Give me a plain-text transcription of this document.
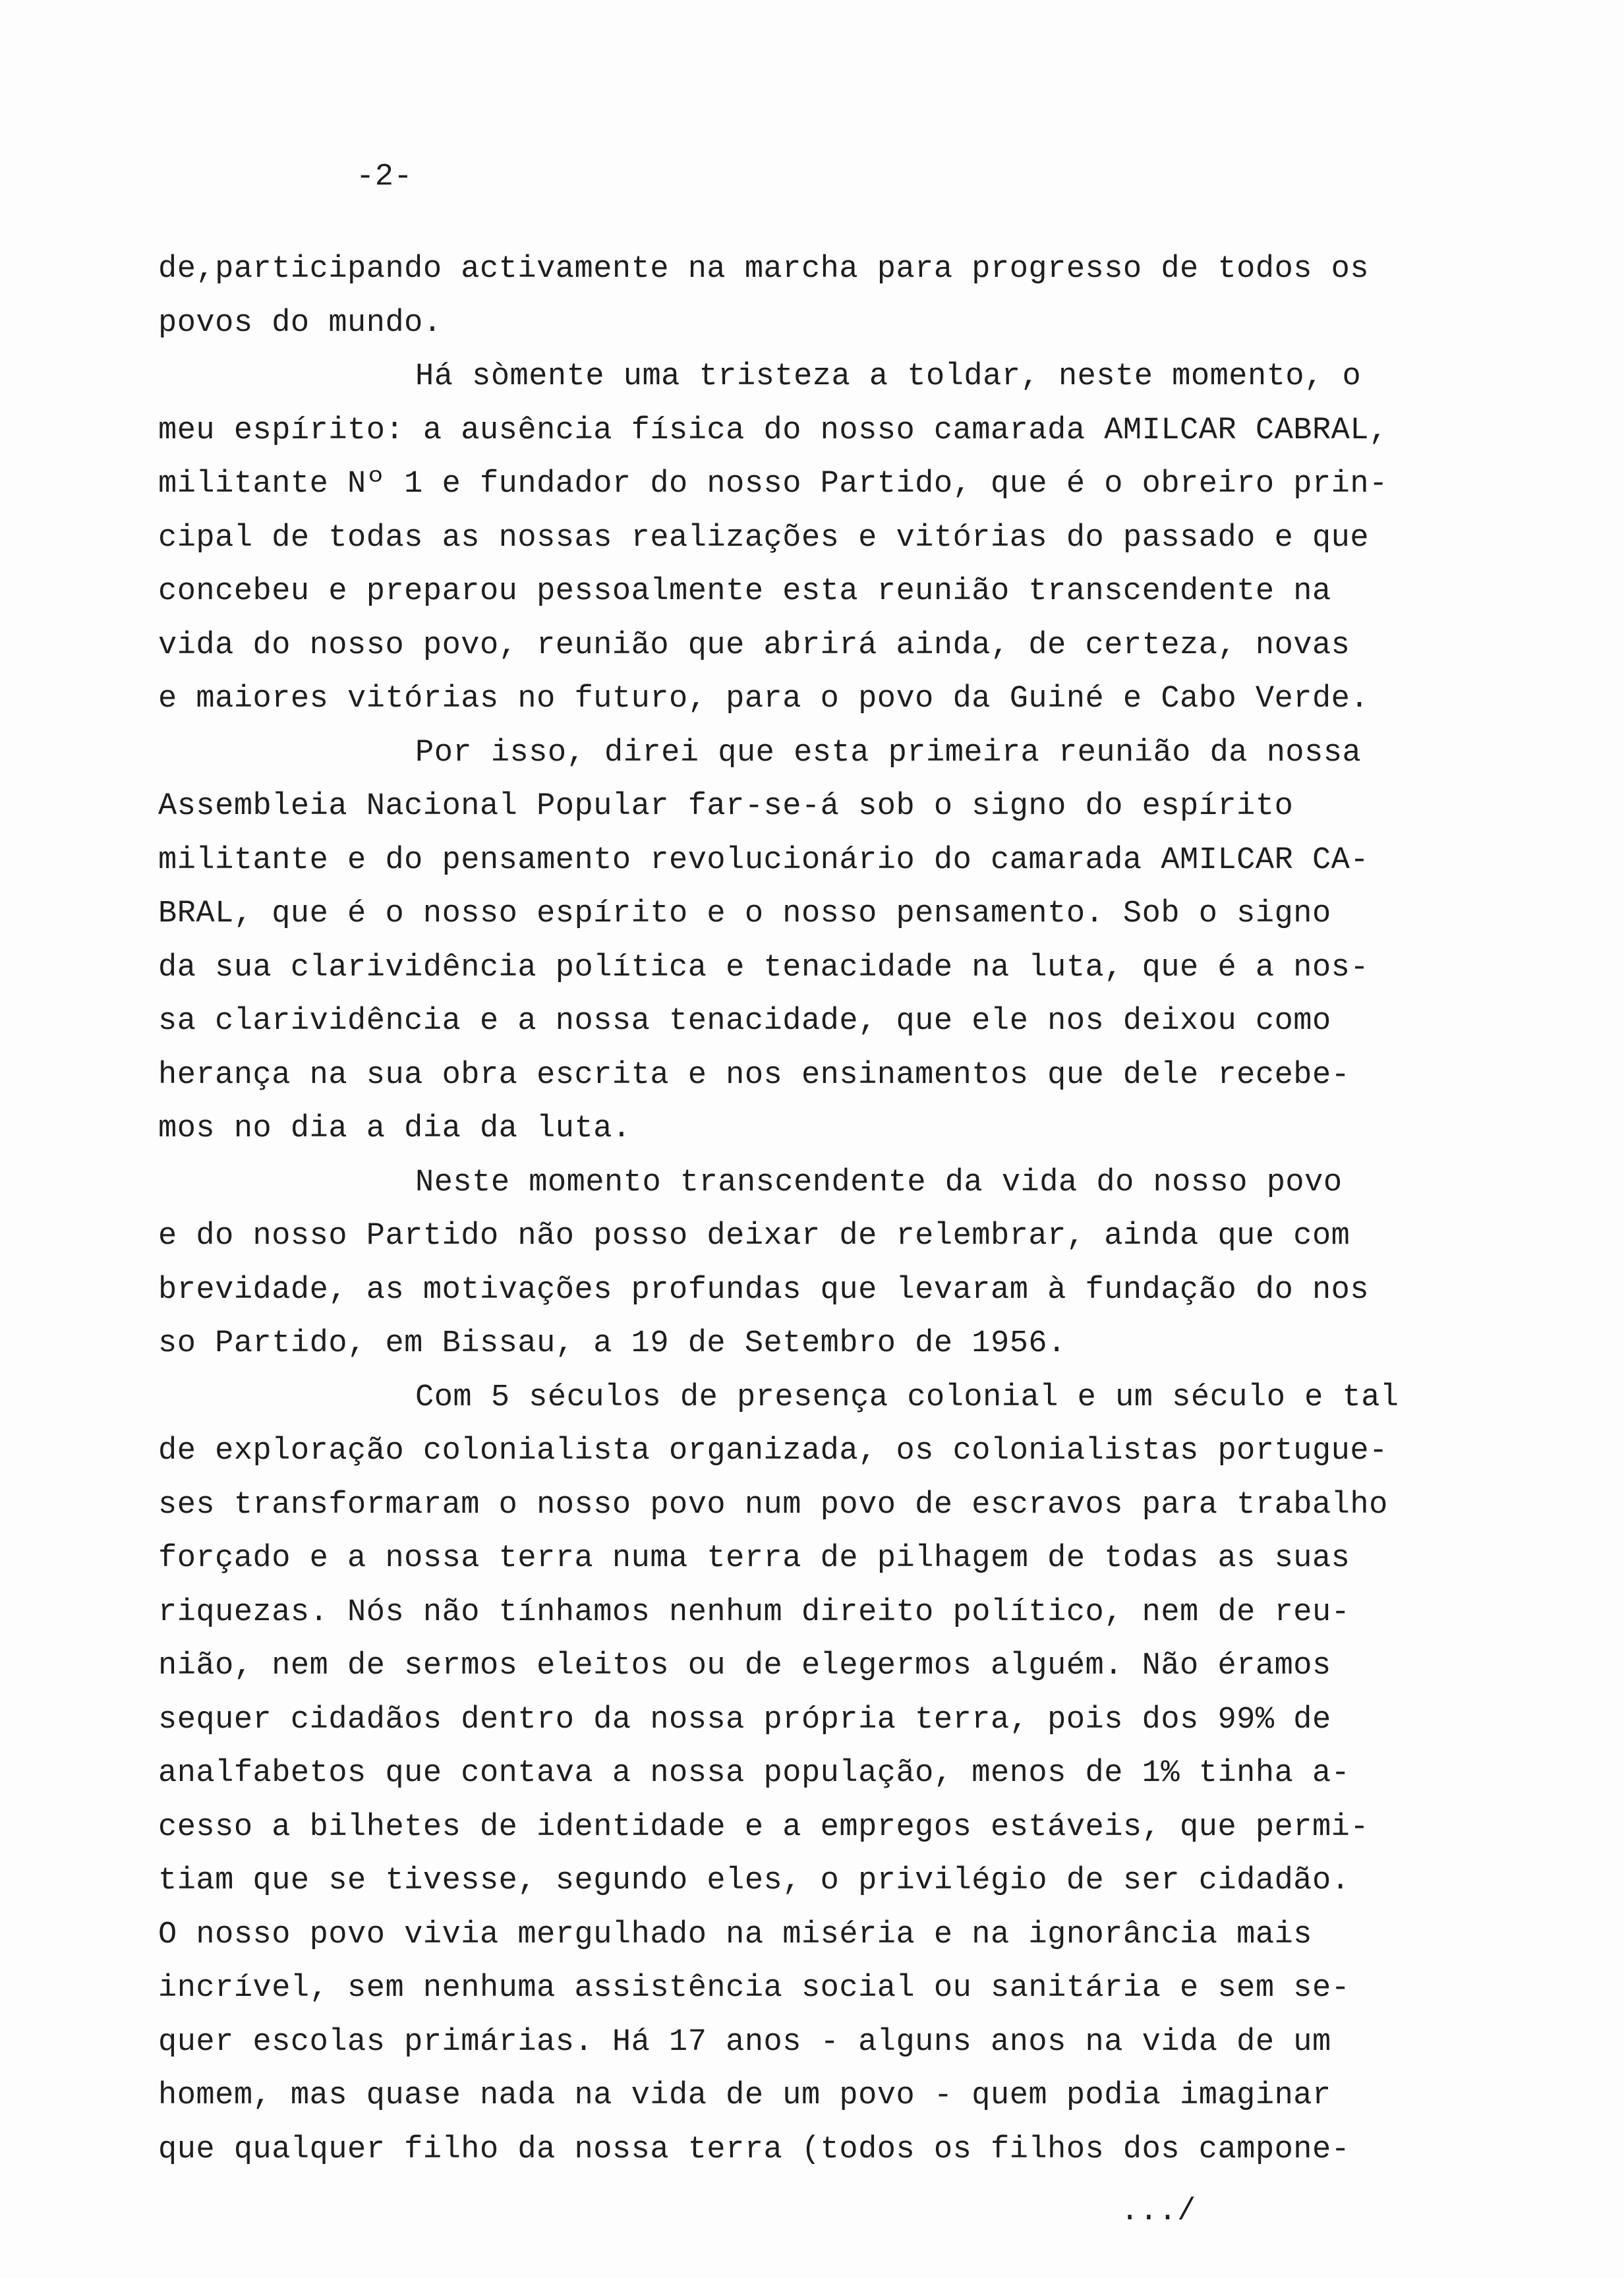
-2-

de,participando activamente na marcha para progresso de todos os

povos do mundo.

Há sòmente uma tristeza a toldar, neste momento, o

meu espírito: a ausência física do nosso camarada AMILCAR CABRAL,

militante Nº 1 e fundador do nosso Partido, que é o obreiro prin-

cipal de todas as nossas realizações e vitórias do passado e que

concebeu e preparou pessoalmente esta reunião transcendente na

vida do nosso povo, reunião que abrirá ainda, de certeza, novas

e maiores vitórias no futuro, para o povo da Guiné e Cabo Verde.

Por isso, direi que esta primeira reunião da nossa

Assembleia Nacional Popular far-se-á sob o signo do espírito

militante e do pensamento revolucionário do camarada AMILCAR CA-

BRAL, que é o nosso espírito e o nosso pensamento. Sob o signo

da sua clarividência política e tenacidade na luta, que é a nos-

sa clarividência e a nossa tenacidade, que ele nos deixou como

herança na sua obra escrita e nos ensinamentos que dele recebe-

mos no dia a dia da luta.

Neste momento transcendente da vida do nosso povo

e do nosso Partido não posso deixar de relembrar, ainda que com

brevidade, as motivações profundas que levaram à fundação do nos

so Partido, em Bissau, a 19 de Setembro de 1956.

Com 5 séculos de presença colonial e um século e tal

de exploração colonialista organizada, os colonialistas portugue-

ses transformaram o nosso povo num povo de escravos para trabalho

forçado e a nossa terra numa terra de pilhagem de todas as suas

riquezas. Nós não tínhamos nenhum direito político, nem de reu-

nião, nem de sermos eleitos ou de elegermos alguém. Não éramos

sequer cidadãos dentro da nossa própria terra, pois dos 99% de

analfabetos que contava a nossa população, menos de 1% tinha a-

cesso a bilhetes de identidade e a empregos estáveis, que permi-

tiam que se tivesse, segundo eles, o privilégio de ser cidadão.

O nosso povo vivia mergulhado na miséria e na ignorância mais

incrível, sem nenhuma assistência social ou sanitária e sem se-

quer escolas primárias. Há 17 anos - alguns anos na vida de um

homem, mas quase nada na vida de um povo - quem podia imaginar

que qualquer filho da nossa terra (todos os filhos dos campone-

.../
